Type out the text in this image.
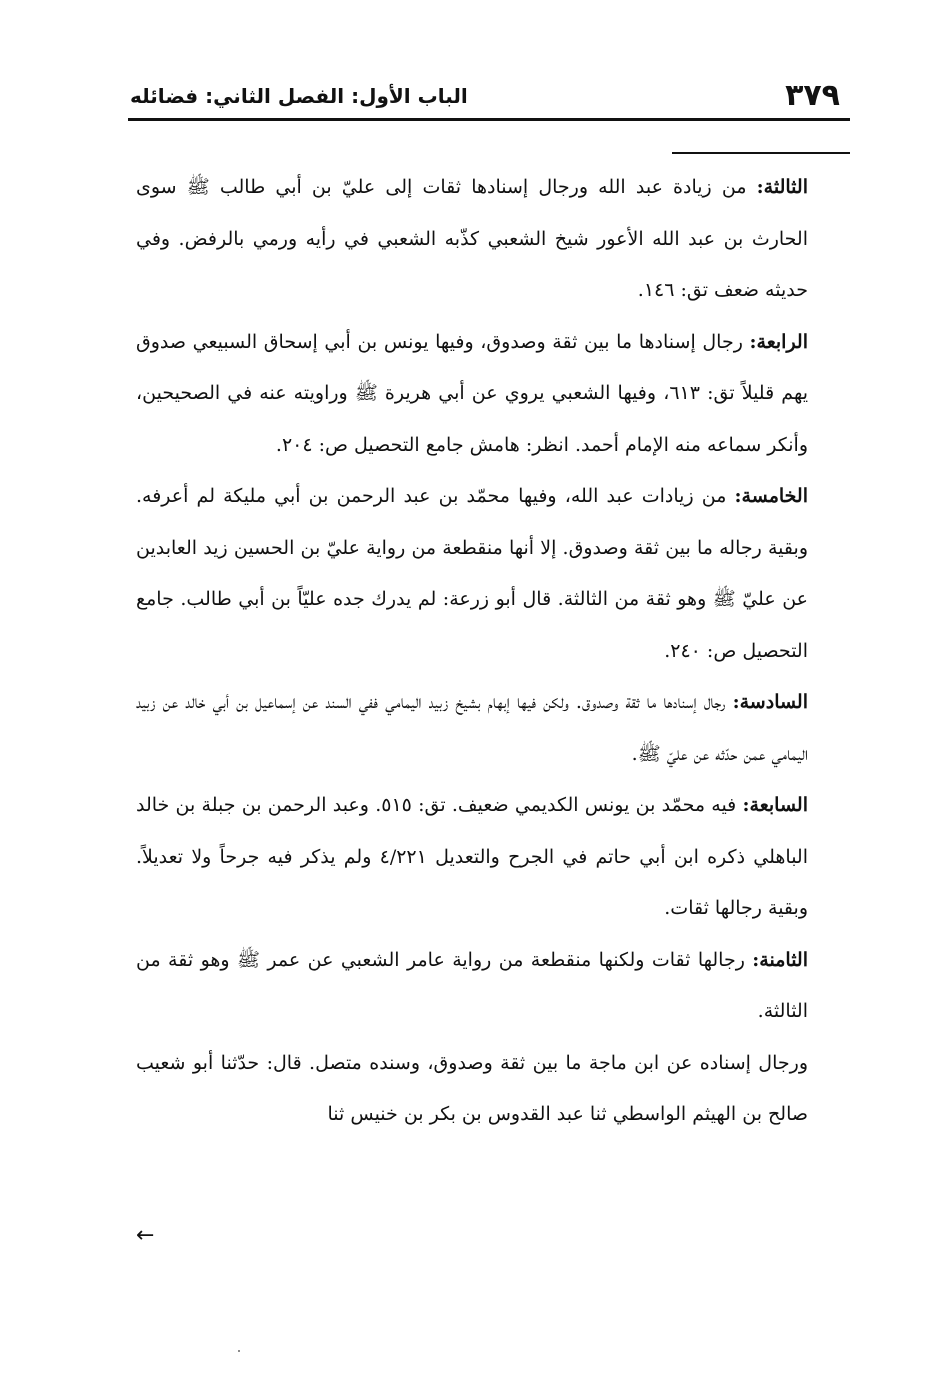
٣٧٩
الباب الأول: الفصل الثاني: فضائله

الثالثة: من زيادة عبد الله ورجال إسنادها ثقات إلى عليّ بن أبي طالب ﷺ سوى الحارث بن عبد الله الأعور شيخ الشعبي كذّبه الشعبي في رأيه ورمي بالرفض. وفي حديثه ضعف تق: ١٤٦.

الرابعة: رجال إسنادها ما بين ثقة وصدوق، وفيها يونس بن أبي إسحاق السبيعي صدوق يهم قليلاً تق: ٦١٣، وفيها الشعبي يروي عن أبي هريرة ﷺ وراويته عنه في الصحيحين، وأنكر سماعه منه الإمام أحمد. انظر: هامش جامع التحصيل ص: ٢٠٤.

الخامسة: من زيادات عبد الله، وفيها محمّد بن عبد الرحمن بن أبي مليكة لم أعرفه. وبقية رجاله ما بين ثقة وصدوق. إلا أنها منقطعة من رواية عليّ بن الحسين زيد العابدين عن عليّ ﷺ وهو ثقة من الثالثة. قال أبو زرعة: لم يدرك جده عليّاً بن أبي طالب. جامع التحصيل ص: ٢٤٠.

السادسة: رجال إسنادها ما ثقة وصدوق. ولكن فيها إبهام بشيخ زبيد اليمامي ففي السند عن إسماعيل بن أبي خالد عن زبيد اليمامي عمن حدّثه عن عليّ ﷺ.

السابعة: فيه محمّد بن يونس الكديمي ضعيف. تق: ٥١٥. وعبد الرحمن بن جبلة بن خالد الباهلي ذكره ابن أبي حاتم في الجرح والتعديل ٤/٢٢١ ولم يذكر فيه جرحاً ولا تعديلاً. وبقية رجالها ثقات.

الثامنة: رجالها ثقات ولكنها منقطعة من رواية عامر الشعبي عن عمر ﷺ وهو ثقة من الثالثة.

ورجال إسناده عن ابن ماجة ما بين ثقة وصدوق، وسنده متصل. قال: حدّثنا أبو شعيب صالح بن الهيثم الواسطي ثنا عبد القدوس بن بكر بن خنيس ثنا

←
